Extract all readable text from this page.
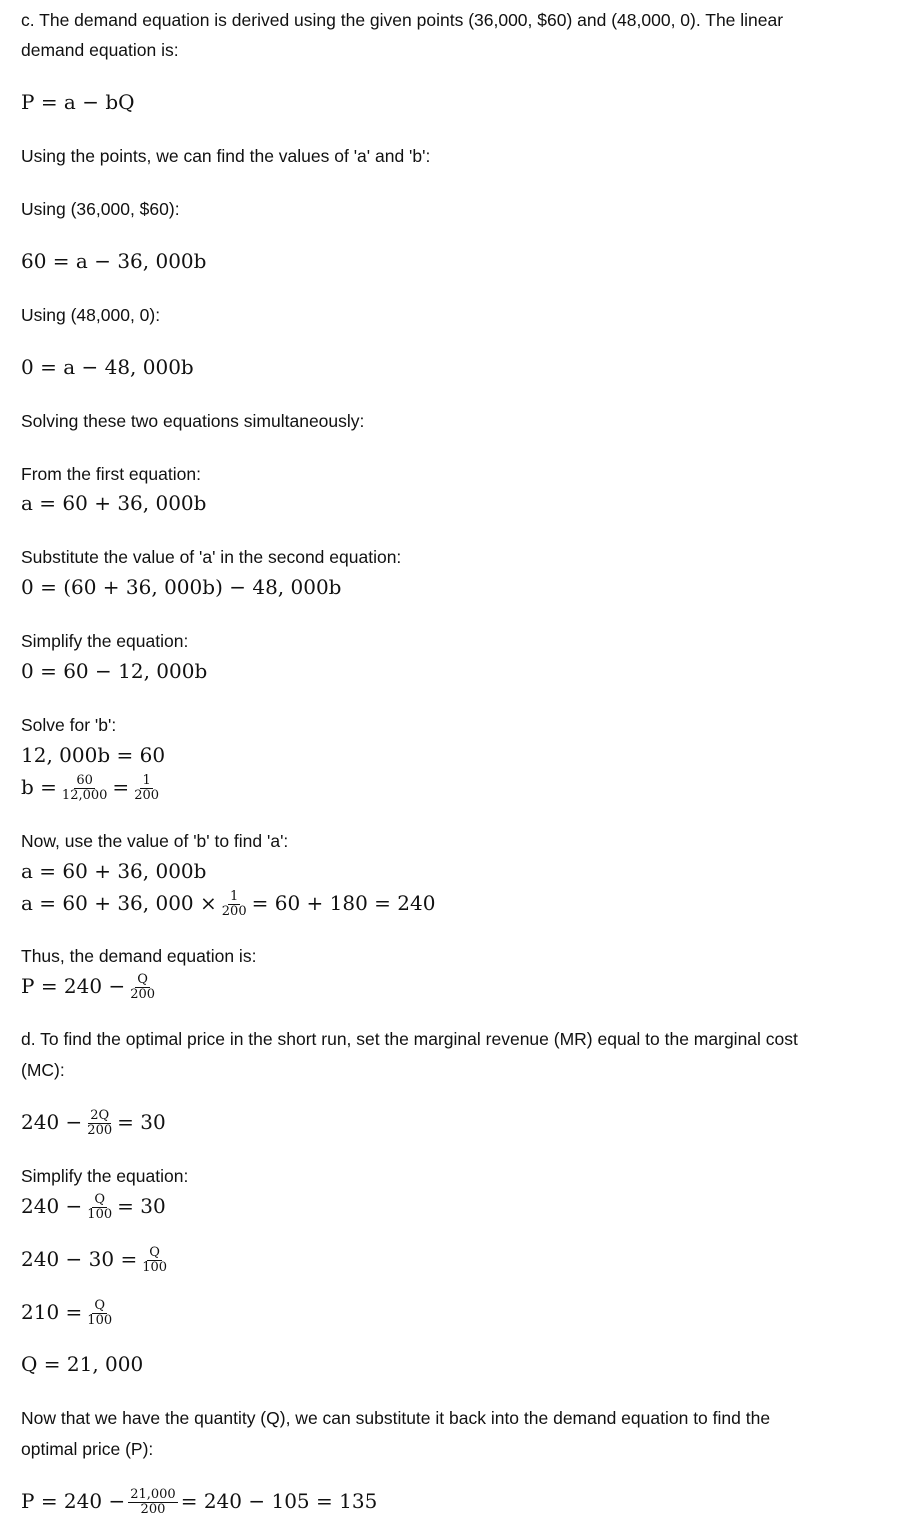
c. The demand equation is derived using the given points (36,000, $60) and (48,000, 0). The linear
demand equation is:
P = a − bQ
Using the points, we can find the values of 'a' and 'b':
Using (36,000, $60):
60 = a − 36, 000b
Using (48,000, 0):
0 = a − 48, 000b
Solving these two equations simultaneously:
From the first equation:
a = 60 + 36, 000b
Substitute the value of 'a' in the second equation:
0 = (60 + 36, 000b) − 48, 000b
Simplify the equation:
0 = 60 − 12, 000b
Solve for 'b':
12, 000b = 60
$b = \frac{60}{12,000} = \frac{1}{200}$
Now, use the value of 'b' to find 'a':
a = 60 + 36, 000b
a = 60 + 36, $000 \times \frac{1}{200} = 60 + 180 = 240$
Thus, the demand equation is:
$P = 240 - \frac{Q}{200}$
d. To find the optimal price in the short run, set the marginal revenue (MR) equal to the marginal cost
(MC):
$240 - \frac{2Q}{200} = 30$
Simplify the equation:
$240 - \frac{Q}{100} = 30$
$240 - 30 = \frac{Q}{100}$
$210 = \frac{Q}{100}$
Q = 21, 000
Now that we have the quantity (Q), we can substitute it back into the demand equation to find the
optimal price (P):
$P = 240 - \frac{21,000}{200} = 240 - 105 = 135$
